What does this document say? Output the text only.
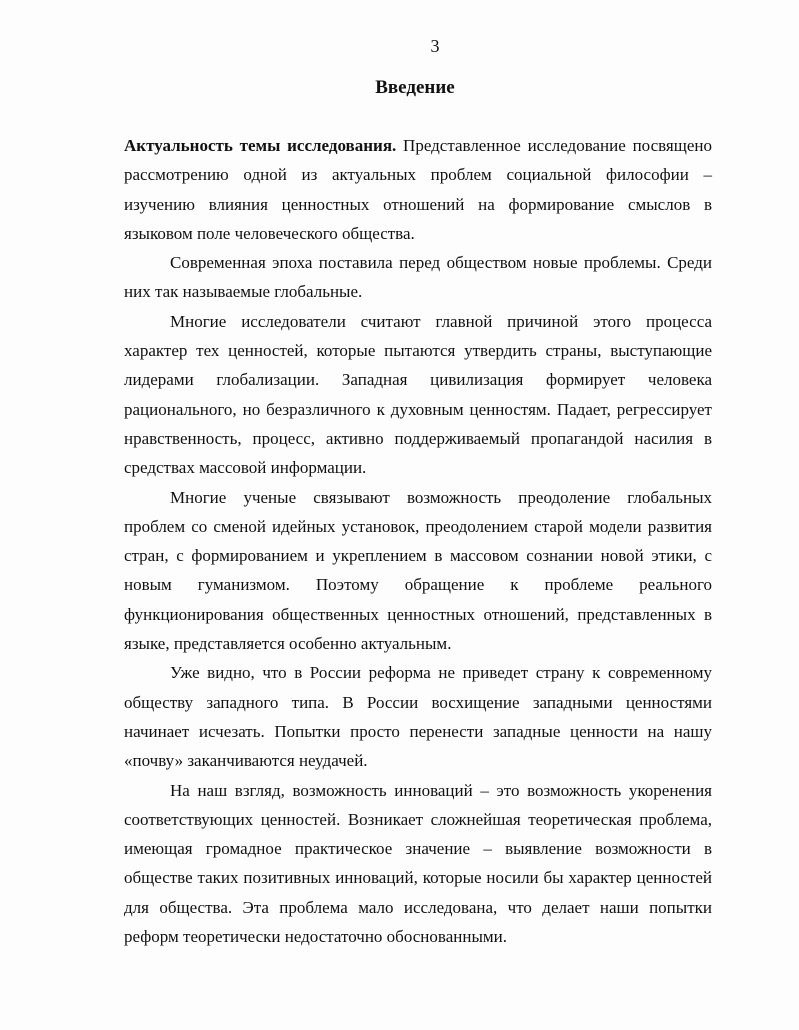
3
Введение

Актуальность темы исследования. Представленное исследование посвящено рассмотрению одной из актуальных проблем социальной философии – изучению влияния ценностных отношений на формирование смыслов в языковом поле человеческого общества.

Современная эпоха поставила перед обществом новые проблемы. Среди них так называемые глобальные.

Многие исследователи считают главной причиной этого процесса характер тех ценностей, которые пытаются утвердить страны, выступающие лидерами глобализации. Западная цивилизация формирует человека рационального, но безразличного к духовным ценностям. Падает, регрессирует нравственность, процесс, активно поддерживаемый пропагандой насилия в средствах массовой информации.

Многие ученые связывают возможность преодоление глобальных проблем со сменой идейных установок, преодолением старой модели развития стран, с формированием и укреплением в массовом сознании новой этики, с новым гуманизмом. Поэтому обращение к проблеме реального функционирования общественных ценностных отношений, представленных в языке, представляется особенно актуальным.

Уже видно, что в России реформа не приведет страну к современному обществу западного типа. В России восхищение западными ценностями начинает исчезать. Попытки просто перенести западные ценности на нашу «почву» заканчиваются неудачей.

На наш взгляд, возможность инноваций – это возможность укоренения соответствующих ценностей. Возникает сложнейшая теоретическая проблема, имеющая громадное практическое значение – выявление возможности в обществе таких позитивных инноваций, которые носили бы характер ценностей для общества. Эта проблема мало исследована, что делает наши попытки реформ теоретически недостаточно обоснованными.
